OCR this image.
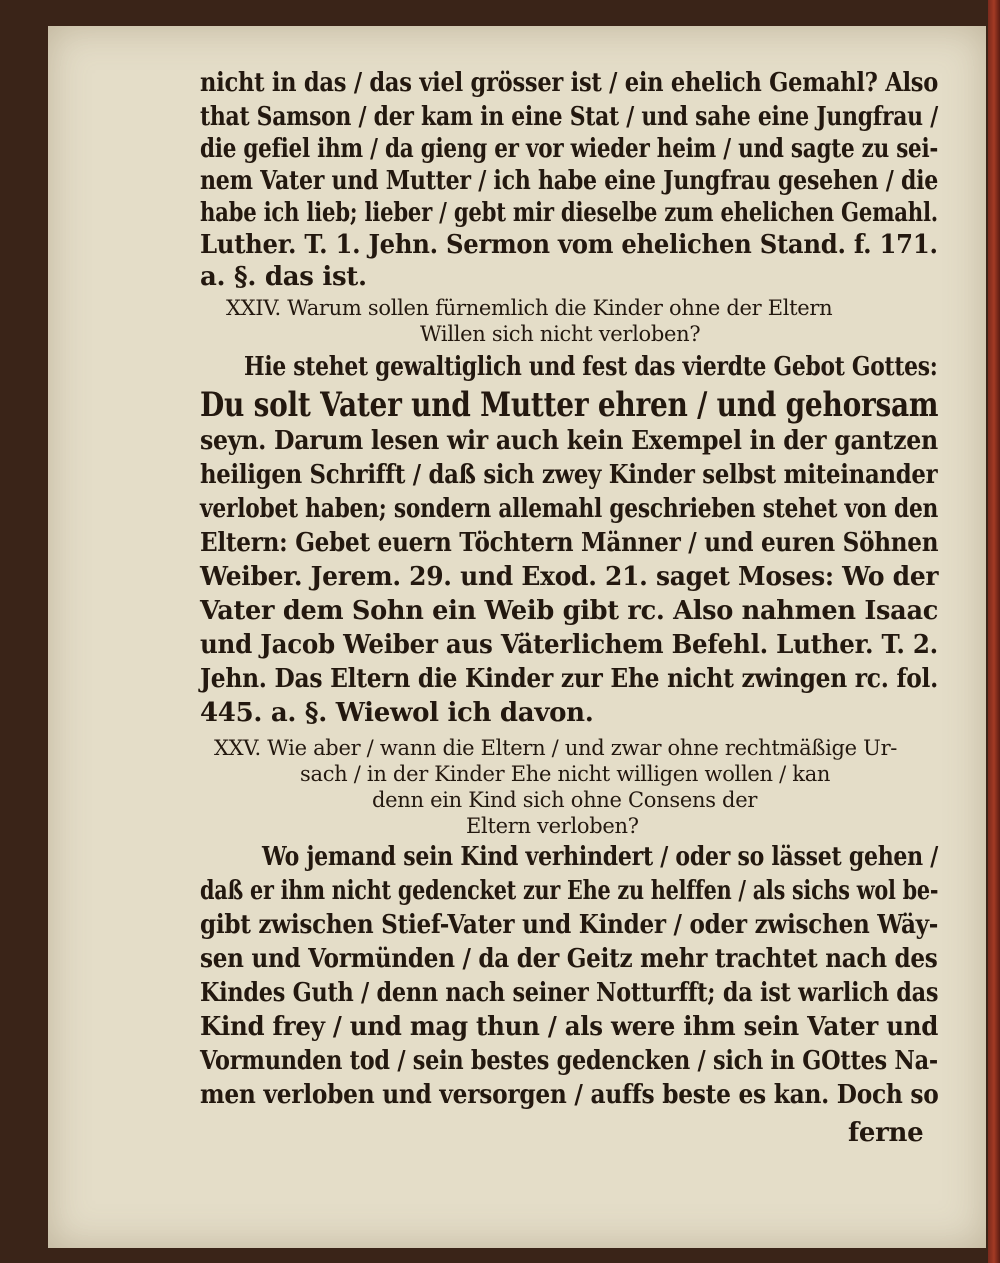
nicht in das / das viel grösser ist / ein ehelich Gemahl? Also
that Samson / der kam in eine Stat / und sahe eine Jungfrau /
die gefiel ihm / da gieng er vor wieder heim / und sagte zu sei-
nem Vater und Mutter / ich habe eine Jungfrau gesehen / die
habe ich lieb; lieber / gebt mir dieselbe zum ehelichen Gemahl.
Luther. T. 1. Jehn. Sermon vom ehelichen Stand. f. 171.
a. §. das ist.
XXIV. Warum sollen fürnemlich die Kinder ohne der Eltern
Willen sich nicht verloben?
Hie stehet gewaltiglich und fest das vierdte Gebot Gottes:
Du solt Vater und Mutter ehren / und gehorsam
seyn. Darum lesen wir auch kein Exempel in der gantzen
heiligen Schrifft / daß sich zwey Kinder selbst miteinander
verlobet haben; sondern allemahl geschrieben stehet von den
Eltern: Gebet euern Töchtern Männer / und euren Söhnen
Weiber. Jerem. 29. und Exod. 21. saget Moses: Wo der
Vater dem Sohn ein Weib gibt rc. Also nahmen Isaac
und Jacob Weiber aus Väterlichem Befehl. Luther. T. 2.
Jehn. Das Eltern die Kinder zur Ehe nicht zwingen rc. fol.
445. a. §. Wiewol ich davon.
XXV. Wie aber / wann die Eltern / und zwar ohne rechtmäßige Ur-
sach / in der Kinder Ehe nicht willigen wollen / kan
denn ein Kind sich ohne Consens der
Eltern verloben?
Wo jemand sein Kind verhindert / oder so lässet gehen /
daß er ihm nicht gedencket zur Ehe zu helffen / als sichs wol be-
gibt zwischen Stief-Vater und Kinder / oder zwischen Wäy-
sen und Vormünden / da der Geitz mehr trachtet nach des
Kindes Guth / denn nach seiner Notturfft; da ist warlich das
Kind frey / und mag thun / als were ihm sein Vater und
Vormunden tod / sein bestes gedencken / sich in GOttes Na-
men verloben und versorgen / auffs beste es kan. Doch so
ferne
